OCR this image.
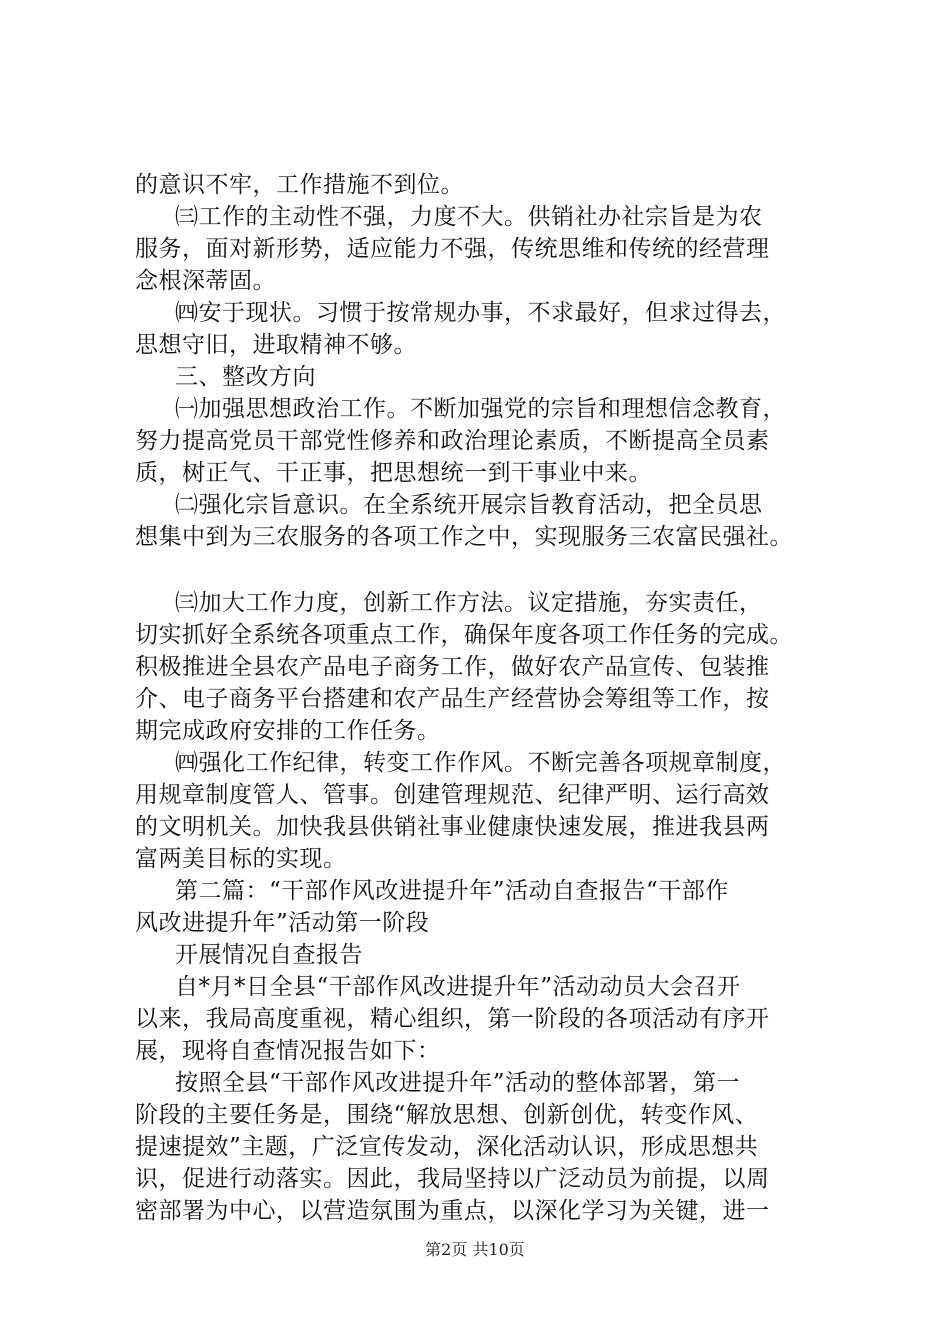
的意识不牢，工作措施不到位。
㈢工作的主动性不强，力度不大。供销社办社宗旨是为农
服务，面对新形势，适应能力不强，传统思维和传统的经营理
念根深蒂固。
㈣安于现状。习惯于按常规办事，不求最好，但求过得去，
思想守旧，进取精神不够。
三、整改方向
㈠加强思想政治工作。不断加强党的宗旨和理想信念教育，
努力提高党员干部党性修养和政治理论素质，不断提高全员素
质，树正气、干正事，把思想统一到干事业中来。
㈡强化宗旨意识。在全系统开展宗旨教育活动，把全员思
想集中到为三农服务的各项工作之中，实现服务三农富民强社。
㈢加大工作力度，创新工作方法。议定措施，夯实责任，
切实抓好全系统各项重点工作，确保年度各项工作任务的完成。
积极推进全县农产品电子商务工作，做好农产品宣传、包装推
介、电子商务平台搭建和农产品生产经营协会筹组等工作，按
期完成政府安排的工作任务。
㈣强化工作纪律，转变工作作风。不断完善各项规章制度，
用规章制度管人、管事。创建管理规范、纪律严明、运行高效
的文明机关。加快我县供销社事业健康快速发展，推进我县两
富两美目标的实现。
第二篇：“干部作风改进提升年”活动自查报告“干部作
风改进提升年”活动第一阶段
开展情况自查报告
自*月*日全县“干部作风改进提升年”活动动员大会召开
以来，我局高度重视，精心组织，第一阶段的各项活动有序开
展，现将自查情况报告如下：
按照全县“干部作风改进提升年”活动的整体部署，第一
阶段的主要任务是，围绕“解放思想、创新创优，转变作风、
提速提效”主题，广泛宣传发动，深化活动认识，形成思想共
识，促进行动落实。因此，我局坚持以广泛动员为前提，以周
密部署为中心，以营造氛围为重点，以深化学习为关键，进一
第2页 共10页
